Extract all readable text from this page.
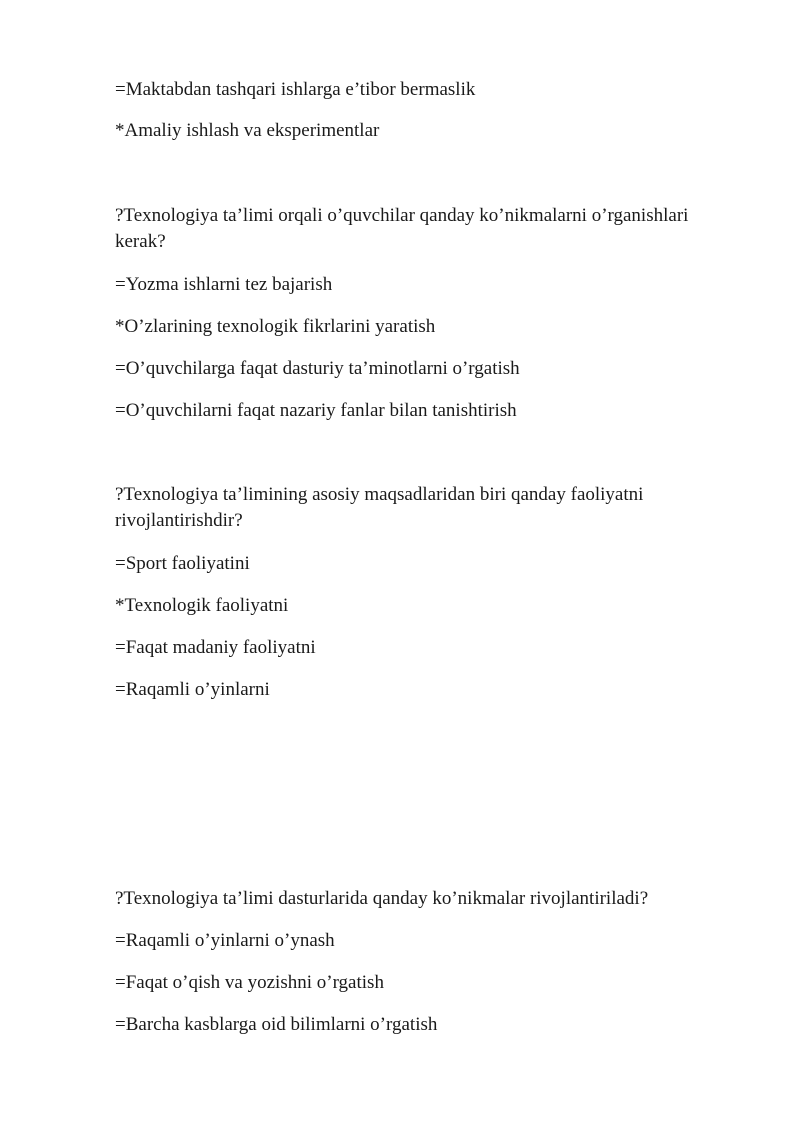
=Maktabdan tashqari ishlarga e’tibor bermaslik
*Amaliy ishlash va eksperimentlar
?Texnologiya ta’limi orqali o’quvchilar qanday ko’nikmalarni o’rganishlari kerak?
=Yozma ishlarni tez bajarish
*O’zlarining texnologik fikrlarini yaratish
=O’quvchilarga faqat dasturiy ta’minotlarni o’rgatish
=O’quvchilarni faqat nazariy fanlar bilan tanishtirish
?Texnologiya ta’limining asosiy maqsadlaridan biri qanday faoliyatni rivojlantirishdir?
=Sport faoliyatini
*Texnologik faoliyatni
=Faqat madaniy faoliyatni
=Raqamli o’yinlarni
?Texnologiya ta’limi dasturlarida qanday ko’nikmalar rivojlantiriladi?
=Raqamli o’yinlarni o’ynash
=Faqat o’qish va yozishni o’rgatish
=Barcha kasblarga oid bilimlarni o’rgatish
